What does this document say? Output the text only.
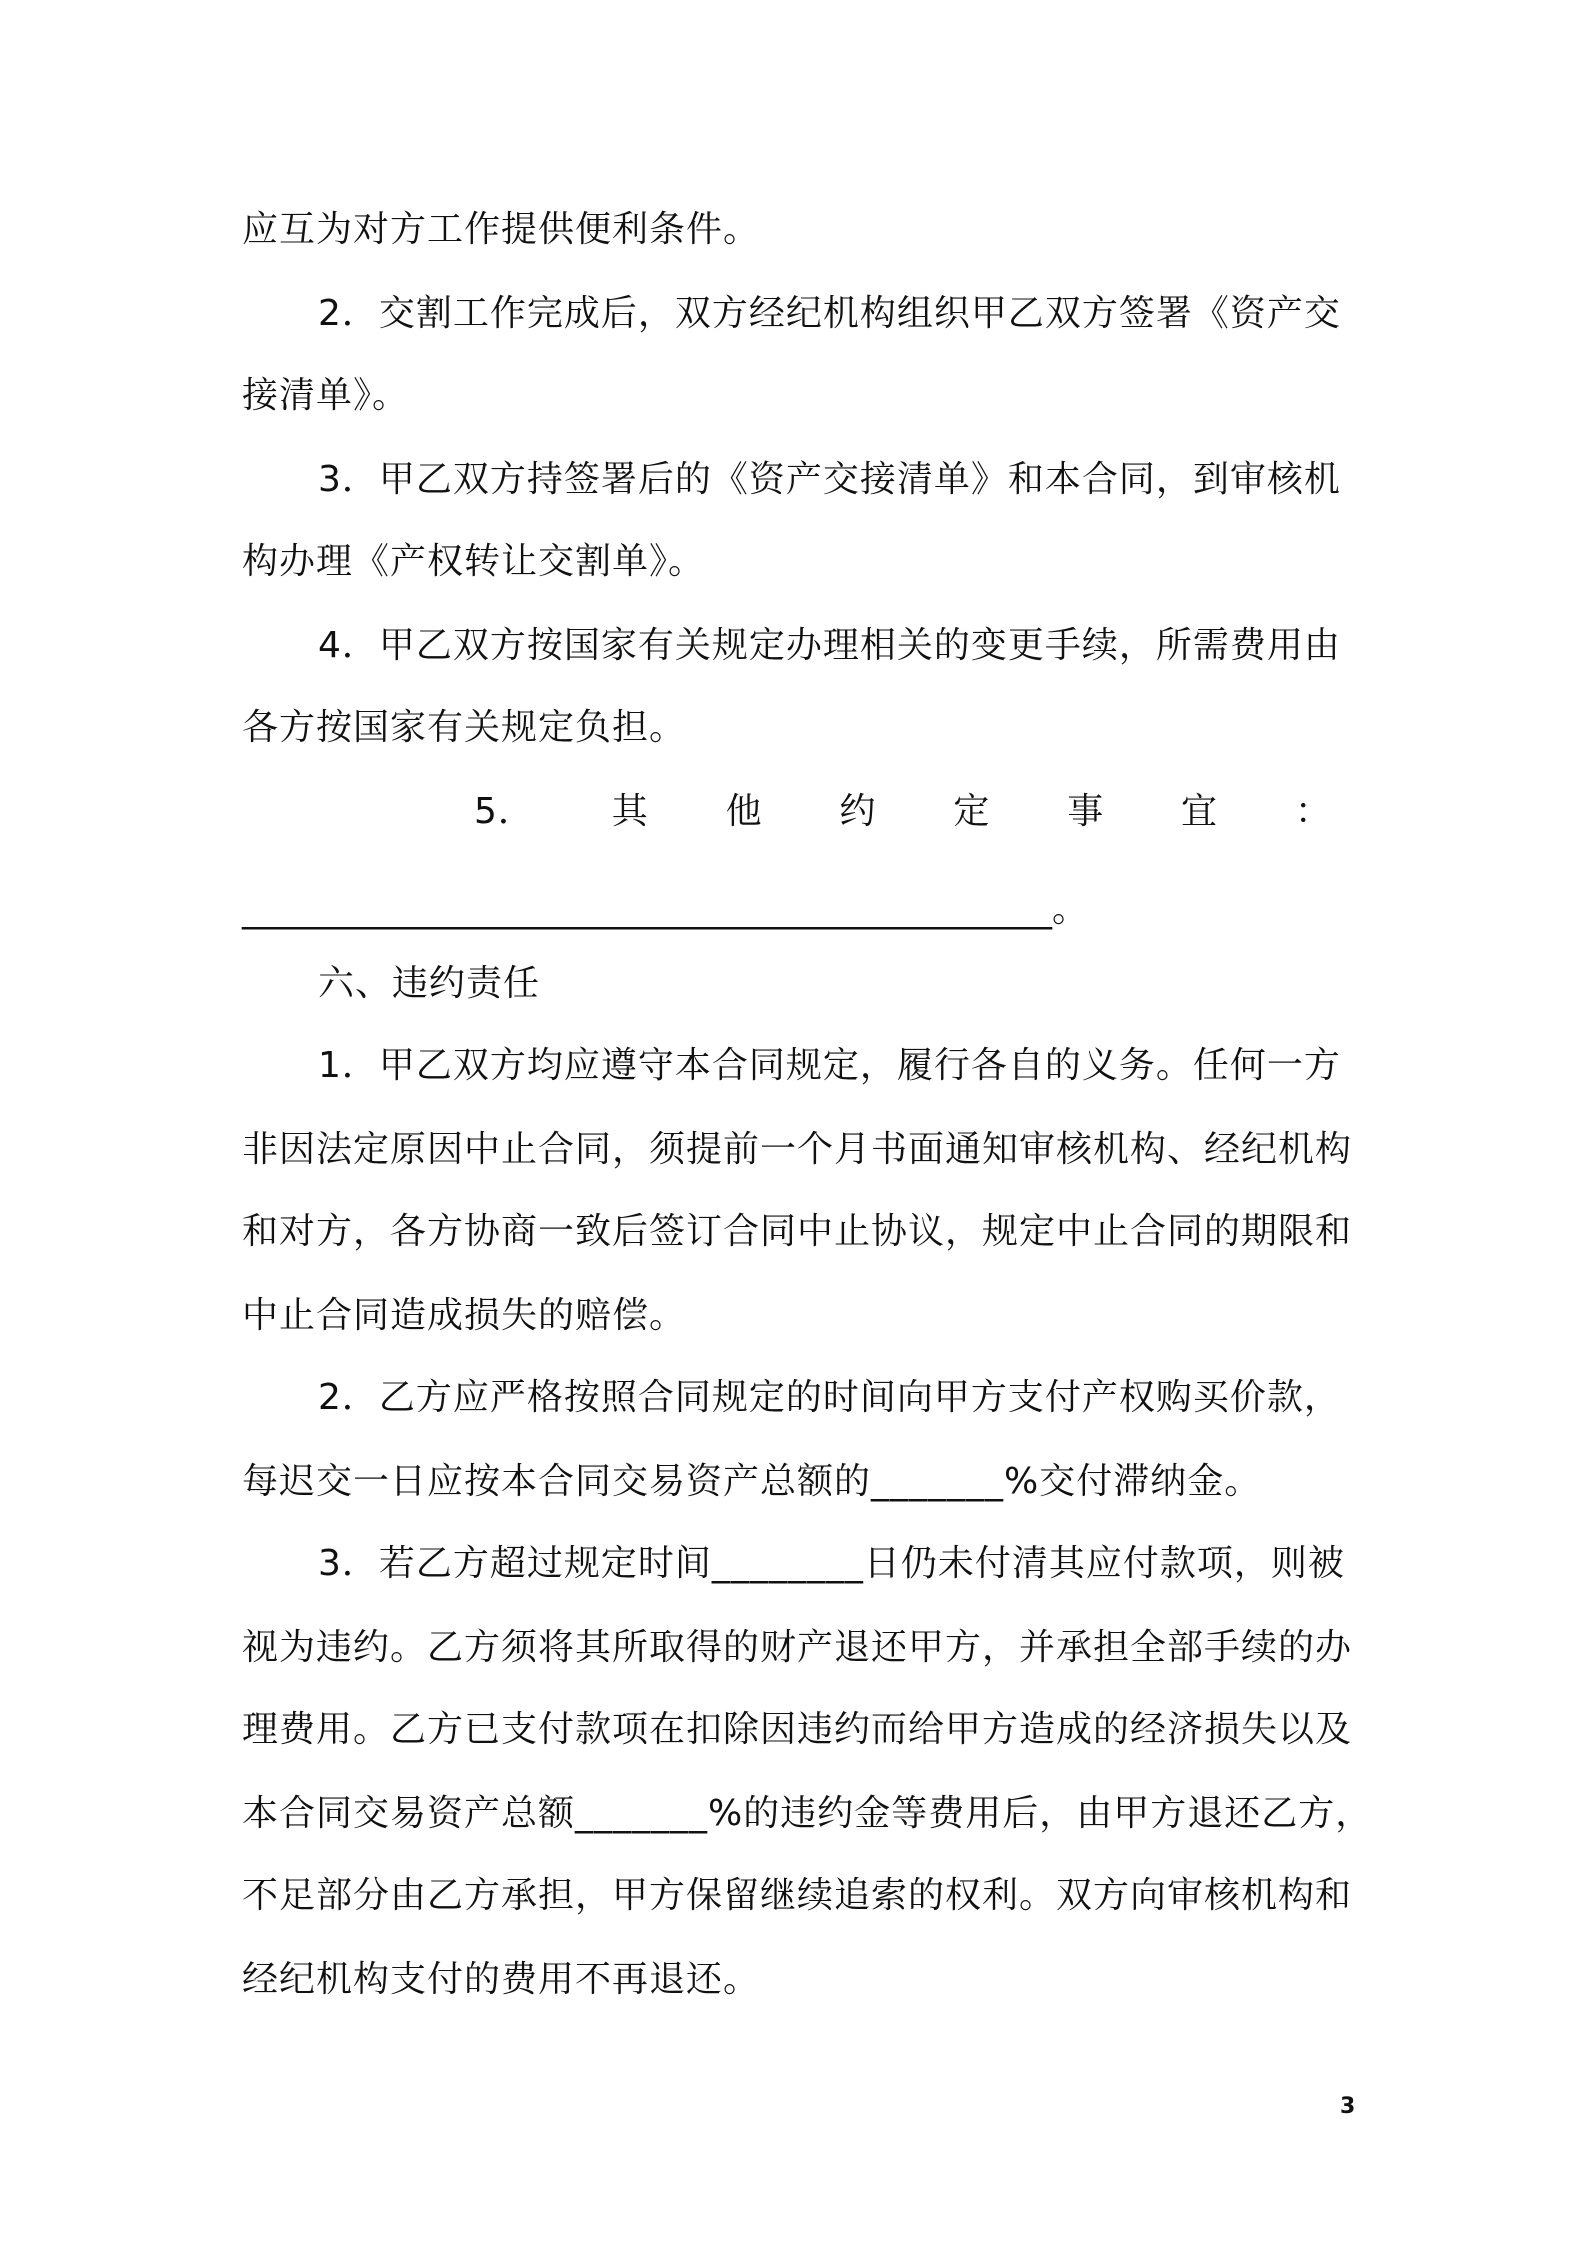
应互为对方工作提供便利条件。
2．交割工作完成后，双方经纪机构组织甲乙双方签署《资产交
接清单》。
3．甲乙双方持签署后的《资产交接清单》和本合同，到审核机
构办理《产权转让交割单》。
4．甲乙双方按国家有关规定办理相关的变更手续，所需费用由
各方按国家有关规定负担。
5． 其 他 约 定 事 宜 ：
_____________________________________________。
六、违约责任
1．甲乙双方均应遵守本合同规定，履行各自的义务。任何一方
非因法定原因中止合同，须提前一个月书面通知审核机构、经纪机构
和对方，各方协商一致后签订合同中止协议，规定中止合同的期限和
中止合同造成损失的赔偿。
2．乙方应严格按照合同规定的时间向甲方支付产权购买价款，
每迟交一日应按本合同交易资产总额的_______%交付滞纳金。
3．若乙方超过规定时间________日仍未付清其应付款项，则被
视为违约。乙方须将其所取得的财产退还甲方，并承担全部手续的办
理费用。乙方已支付款项在扣除因违约而给甲方造成的经济损失以及
本合同交易资产总额_______%的违约金等费用后，由甲方退还乙方，
不足部分由乙方承担，甲方保留继续追索的权利。双方向审核机构和
经纪机构支付的费用不再退还。
3
